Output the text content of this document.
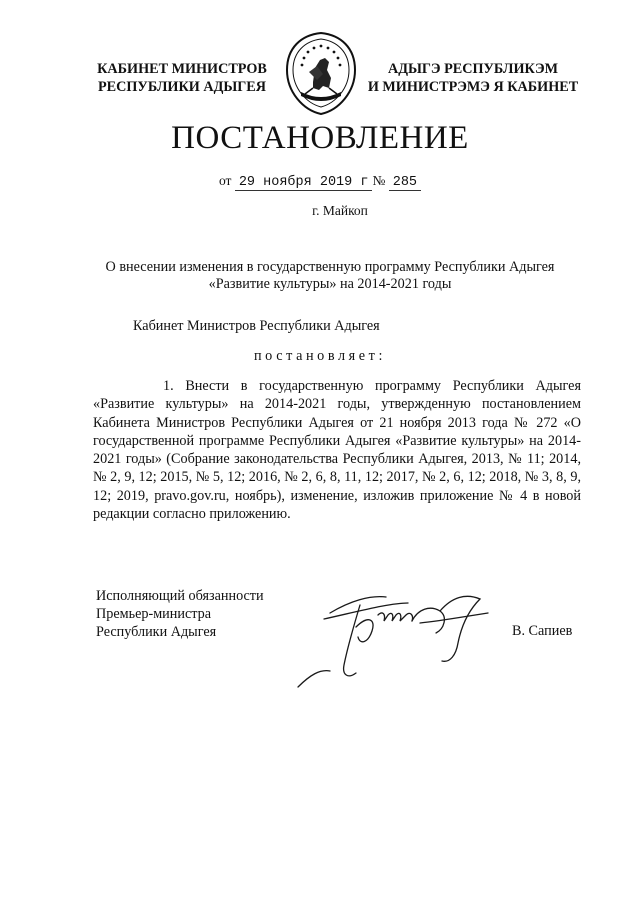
КАБИНЕТ МИНИСТРОВ
РЕСПУБЛИКИ АДЫГЕЯ
АДЫГЭ РЕСПУБЛИКЭМ
И МИНИСТРЭМЭ Я КАБИНЕТ
ПОСТАНОВЛЕНИЕ
от 29 ноября 2019 г № 285
г. Майкоп
О внесении изменения в государственную программу Республики Адыгея
«Развитие культуры» на 2014-2021 годы
Кабинет Министров Республики Адыгея
постановляет:
1. Внести в государственную программу Республики Адыгея «Развитие культуры» на 2014-2021 годы, утвержденную постановлением Кабинета Министров Республики Адыгея от 21 ноября 2013 года № 272 «О государственной программе Республики Адыгея «Развитие культуры» на 2014-2021 годы» (Собрание законодательства Республики Адыгея, 2013, № 11; 2014, № 2, 9, 12; 2015, № 5, 12; 2016, № 2, 6, 8, 11, 12; 2017, № 2, 6, 12; 2018, № 3, 8, 9, 12; 2019, pravo.gov.ru, ноябрь), изменение, изложив приложение № 4 в новой редакции согласно приложению.
Исполняющий обязанности
Премьер-министра
Республики Адыгея	В. Сапиев
